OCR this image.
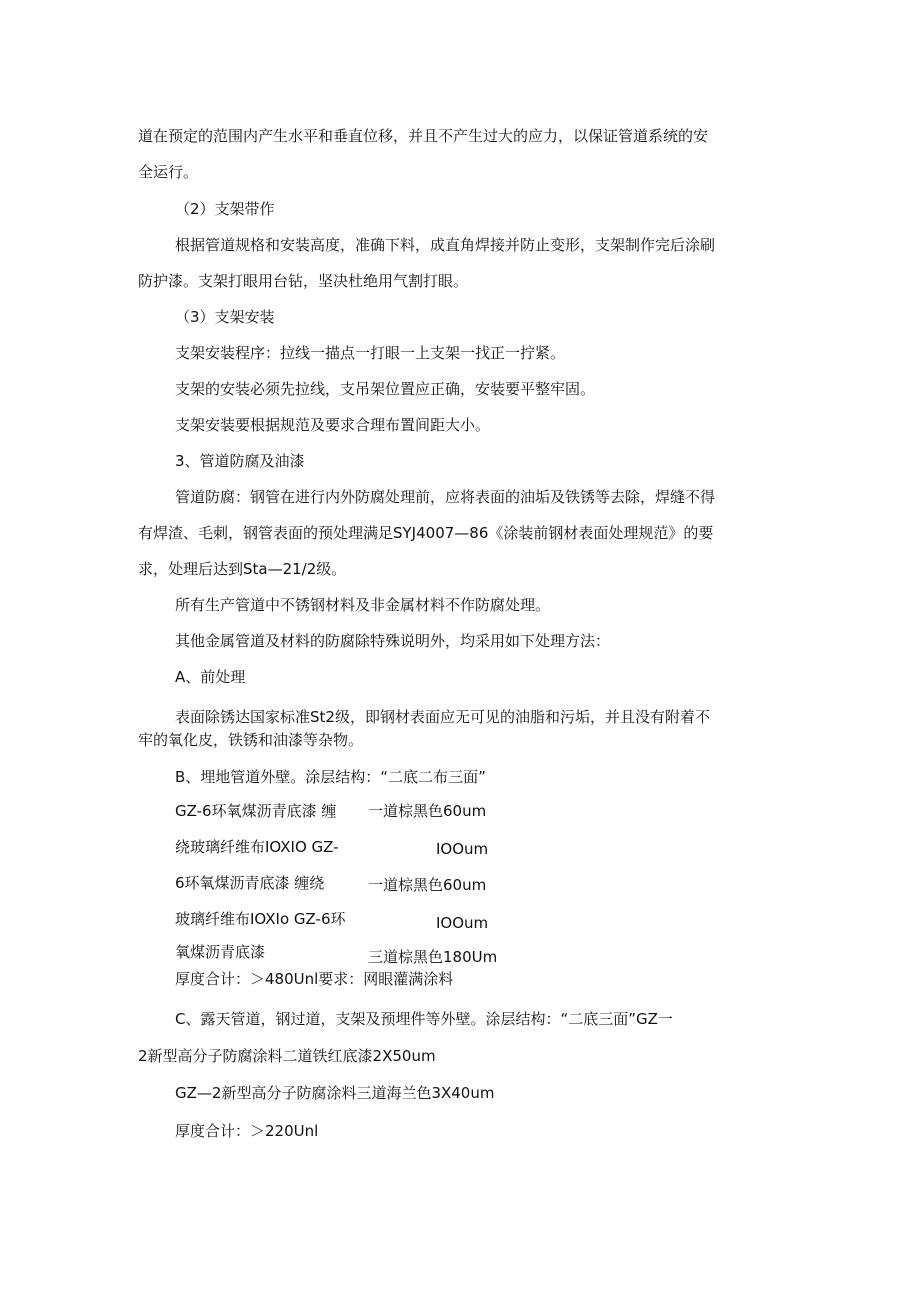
道在预定的范围内产生水平和垂直位移，并且不产生过大的应力，以保证管道系统的安
全运行。
（2）支架带作
根据管道规格和安装高度，准确下料，成直角焊接并防止变形，支架制作完后涂刷
防护漆。支架打眼用台钻，坚决杜绝用气割打眼。
（3）支架安装
支架安装程序：拉线一描点一打眼一上支架一找正一拧紧。
支架的安装必须先拉线，支吊架位置应正确，安装要平整牢固。
支架安装要根据规范及要求合理布置间距大小。
3、管道防腐及油漆
管道防腐：钢管在进行内外防腐处理前，应将表面的油垢及铁锈等去除，焊缝不得
有焊渣、毛刺，钢管表面的预处理满足SYJ4007—86《涂装前钢材表面处理规范》的要
求，处理后达到Sta—21/2级。
所有生产管道中不锈钢材料及非金属材料不作防腐处理。
其他金属管道及材料的防腐除特殊说明外，均采用如下处理方法：
A、前处理
表面除锈达国家标准St2级，即钢材表面应无可见的油脂和污垢，并且没有附着不
牢的氧化皮，铁锈和油漆等杂物。
B、埋地管道外壁。涂层结构：“二底二布三面”
GZ-6环氧煤沥青底漆 缠 一道棕黑色60um
绕玻璃纤维布IOXIO GZ-	IOOum
6环氧煤沥青底漆 缠绕	一道棕黑色60um
玻璃纤维布IOXIo GZ-6环	IOOum
氧煤沥青底漆	三道棕黑色180Um
厚度合计：＞480Unl要求：网眼灌满涂料
C、露天管道，钢过道，支架及预埋件等外壁。涂层结构：“二底三面”GZ一
2新型高分子防腐涂料二道铁红底漆2X50um
GZ—2新型高分子防腐涂料三道海兰色3X40um
厚度合计：＞220Unl
